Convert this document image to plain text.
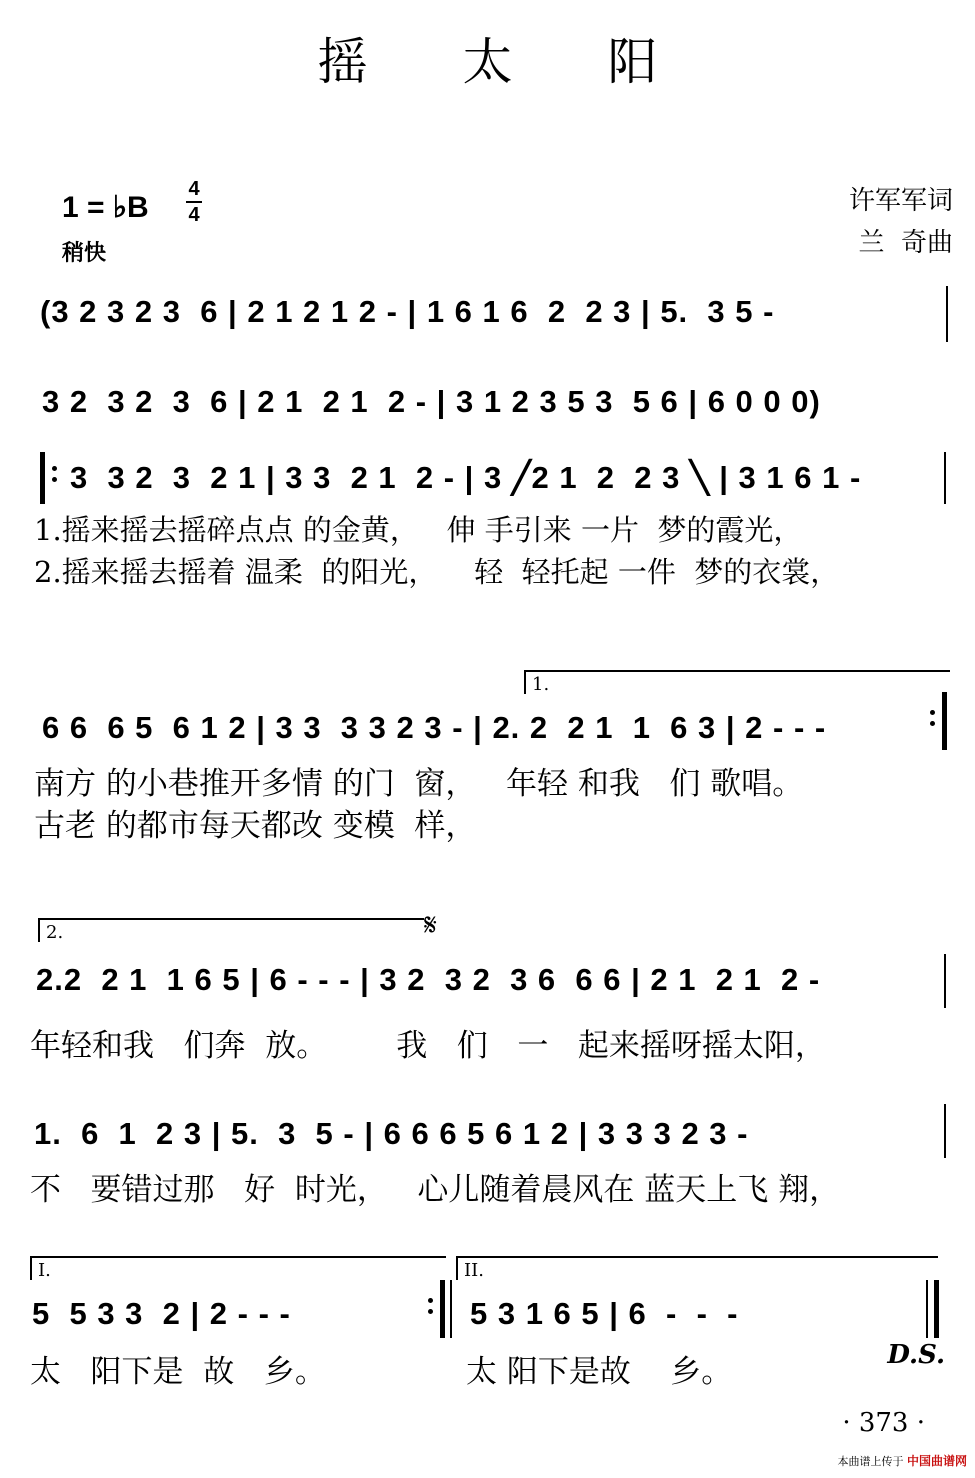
摇太阳
1 = ♭B
4
4
稍快
许军军词
兰  奇曲
(3 2 3 2 3  6 | 2 1 2 1 2 - | 1 6 1 6  2  2 3 | 5.  3 5 -
3 2  3 2  3  6 | 2 1  2 1  2 - | 3 1 2 3 5 3  5 6 | 6 0 0 0)
3  3 2  3  2 1 | 3 3  2 1  2 - | 3 ╱2 1  2  2 3 ╲ | 3 1 6 1 -
1.摇来摇去摇碎点点 的金黄，   伸 手引来 一片  梦的霞光，
2.摇来摇去摇着 温柔  的阳光，    轻  轻托起 一件  梦的衣裳，
1.
6 6  6 5  6 1 2 | 3 3  3 3 2 3 - | 2. 2  2 1  1  6 3 | 2 - - -
南方 的小巷推开多情 的门  窗，   年轻 和我   们 歌唱。
古老 的都市每天都改 变模  样，
2.	𝄋
2.2  2 1  1 6 5 | 6 - - - | 3 2  3 2  3 6  6 6 | 2 1  2 1  2 -
年轻和我   们奔  放。       我   们   一   起来摇呀摇太阳，
1.  6  1  2 3 | 5.  3  5 - | 6 6 6 5 6 1 2 | 3 3 3 2 3 -
不   要错过那   好  时光，   心儿随着晨风在 蓝天上飞 翔，
I.	II.
5  5 3 3  2 | 2 - - -	5 3 1 6 5 | 6  -  -  -
太   阳下是  故   乡。	太 阳下是故    乡。	D.S.
· 373 ·
本曲谱上传于 中国曲谱网
